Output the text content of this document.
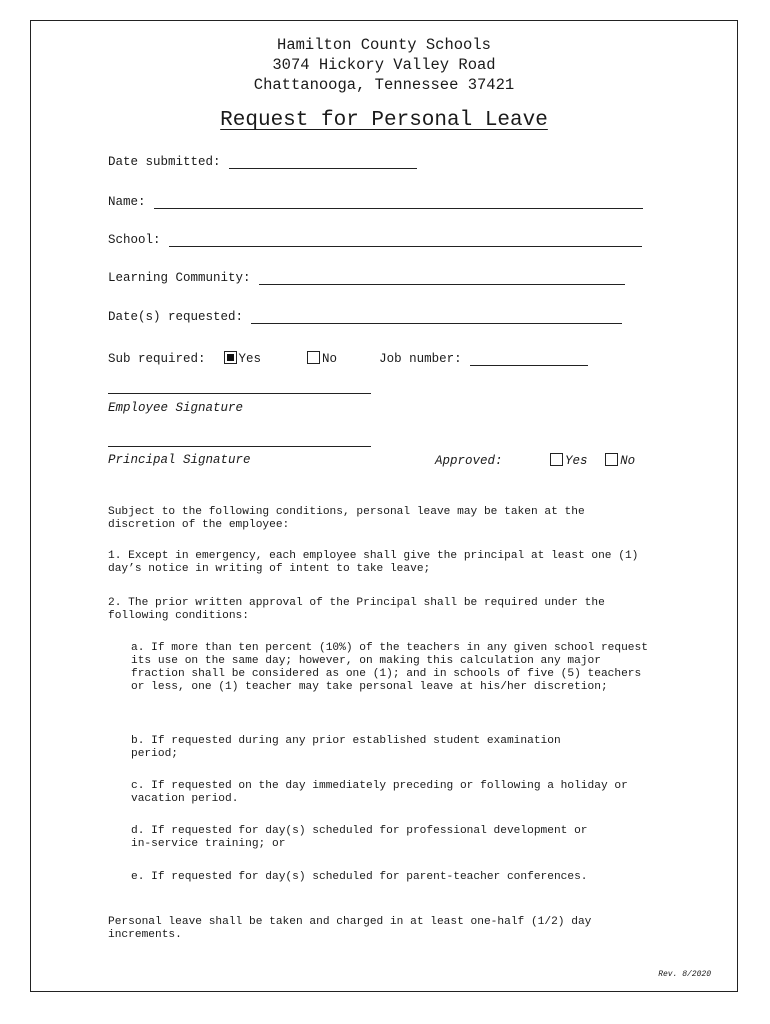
Hamilton County Schools
3074 Hickory Valley Road
Chattanooga, Tennessee 37421
Request for Personal Leave
Date submitted:
Name:
School:
Learning Community:
Date(s) requested:
Sub required:	Yes	No	Job number:
Employee Signature
Principal Signature	Approved:	Yes	No
Subject to the following conditions, personal leave may be taken at the discretion of the employee:
1. Except in emergency, each employee shall give the principal at least one (1) day’s notice in writing of intent to take leave;
2. The prior written approval of the Principal shall be required under the following conditions:
a. If more than ten percent (10%) of the teachers in any given school request its use on the same day; however, on making this calculation any major fraction shall be considered as one (1); and in schools of five (5) teachers or less, one (1) teacher may take personal leave at his/her discretion;
b. If requested during any prior established student examination period;
c. If requested on the day immediately preceding or following a holiday or vacation period.
d. If requested for day(s) scheduled for professional development or in-service training; or
e. If requested for day(s) scheduled for parent-teacher conferences.
Personal leave shall be taken and charged in at least one-half (1/2) day increments.
Rev. 8/2020
